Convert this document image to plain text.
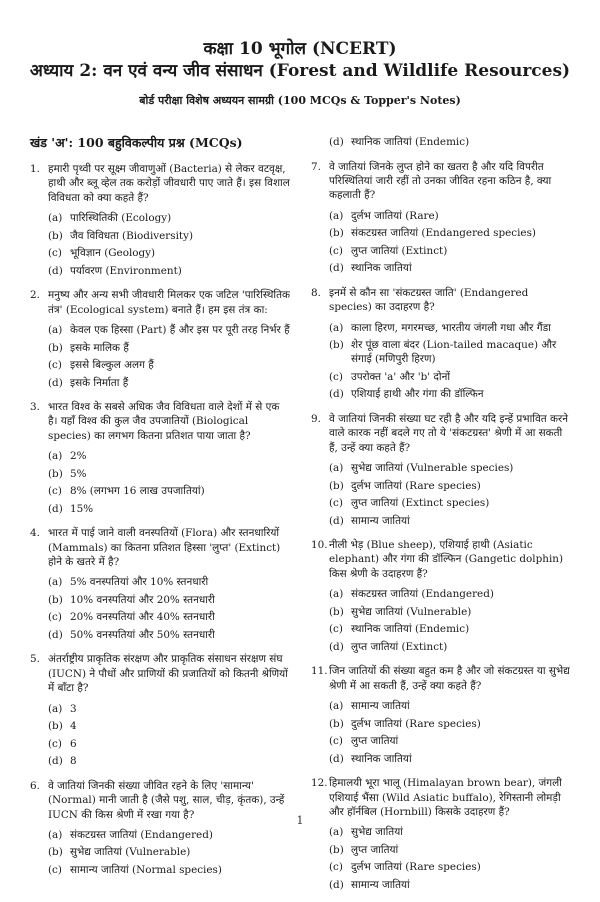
कक्षा 10 भूगोल (NCERT)
अध्याय 2: वन एवं वन्य जीव संसाधन (Forest and Wildlife Resources)
बोर्ड परीक्षा विशेष अध्ययन सामग्री (100 MCQs & Topper's Notes)
खंड 'अ': 100 बहुविकल्पीय प्रश्न (MCQs)
1. हमारी पृथ्वी पर सूक्ष्म जीवाणुओं (Bacteria) से लेकर वटवृक्ष, हाथी और ब्लू व्हेल तक करोड़ों जीवधारी पाए जाते हैं। इस विशाल विविधता को क्या कहते हैं?
(a) पारिस्थितिकी (Ecology)
(b) जैव विविधता (Biodiversity)
(c) भूविज्ञान (Geology)
(d) पर्यावरण (Environment)
2. मनुष्य और अन्य सभी जीवधारी मिलकर एक जटिल 'पारिस्थितिक तंत्र' (Ecological system) बनाते हैं। हम इस तंत्र का:
(a) केवल एक हिस्सा (Part) हैं और इस पर पूरी तरह निर्भर हैं
(b) इसके मालिक हैं
(c) इससे बिल्कुल अलग हैं
(d) इसके निर्माता हैं
3. भारत विश्व के सबसे अधिक जैव विविधता वाले देशों में से एक है। यहाँ विश्व की कुल जैव उपजातियों (Biological species) का लगभग कितना प्रतिशत पाया जाता है?
(a) 2%
(b) 5%
(c) 8% (लगभग 16 लाख उपजातियां)
(d) 15%
4. भारत में पाई जाने वाली वनस्पतियों (Flora) और स्तनधारियों (Mammals) का कितना प्रतिशत हिस्सा 'लुप्त' (Extinct) होने के खतरे में है?
(a) 5% वनस्पतियां और 10% स्तनधारी
(b) 10% वनस्पतियां और 20% स्तनधारी
(c) 20% वनस्पतियां और 40% स्तनधारी
(d) 50% वनस्पतियां और 50% स्तनधारी
5. अंतर्राष्ट्रीय प्राकृतिक संरक्षण और प्राकृतिक संसाधन संरक्षण संघ (IUCN) ने पौधों और प्राणियों की प्रजातियों को कितनी श्रेणियों में बाँटा है?
(a) 3
(b) 4
(c) 6
(d) 8
6. वे जातियां जिनकी संख्या जीवित रहने के लिए 'सामान्य' (Normal) मानी जाती है (जैसे पशु, साल, चीड़, कृंतक), उन्हें IUCN की किस श्रेणी में रखा गया है?
(a) संकटग्रस्त जातियां (Endangered)
(b) सुभेद्य जातियां (Vulnerable)
(c) सामान्य जातियां (Normal species)
(d) स्थानिक जातियां (Endemic)
7. वे जातियां जिनके लुप्त होने का खतरा है और यदि विपरीत परिस्थितियां जारी रहीं तो उनका जीवित रहना कठिन है, क्या कहलाती हैं?
(a) दुर्लभ जातियां (Rare)
(b) संकटग्रस्त जातियां (Endangered species)
(c) लुप्त जातियां (Extinct)
(d) स्थानिक जातियां
8. इनमें से कौन सा 'संकटग्रस्त जाति' (Endangered species) का उदाहरण है?
(a) काला हिरण, मगरमच्छ, भारतीय जंगली गधा और गैंडा
(b) शेर पूंछ वाला बंदर (Lion-tailed macaque) और संगाई (मणिपुरी हिरण)
(c) उपरोक्त 'a' और 'b' दोनों
(d) एशियाई हाथी और गंगा की डॉल्फिन
9. वे जातियां जिनकी संख्या घट रही है और यदि इन्हें प्रभावित करने वाले कारक नहीं बदले गए तो ये 'संकटग्रस्त' श्रेणी में आ सकती हैं, उन्हें क्या कहते हैं?
(a) सुभेद्य जातियां (Vulnerable species)
(b) दुर्लभ जातियां (Rare species)
(c) लुप्त जातियां (Extinct species)
(d) सामान्य जातियां
10. नीली भेड़ (Blue sheep), एशियाई हाथी (Asiatic elephant) और गंगा की डॉल्फिन (Gangetic dolphin) किस श्रेणी के उदाहरण हैं?
(a) संकटग्रस्त जातियां (Endangered)
(b) सुभेद्य जातियां (Vulnerable)
(c) स्थानिक जातियां (Endemic)
(d) लुप्त जातियां (Extinct)
11. जिन जातियों की संख्या बहुत कम है और जो संकटग्रस्त या सुभेद्य श्रेणी में आ सकती हैं, उन्हें क्या कहते हैं?
(a) सामान्य जातियां
(b) दुर्लभ जातियां (Rare species)
(c) लुप्त जातियां
(d) स्थानिक जातियां
12. हिमालयी भूरा भालू (Himalayan brown bear), जंगली एशियाई भैंसा (Wild Asiatic buffalo), रेगिस्तानी लोमड़ी और हॉर्नबिल (Hornbill) किसके उदाहरण हैं?
(a) सुभेद्य जातियां
(b) लुप्त जातियां
(c) दुर्लभ जातियां (Rare species)
(d) सामान्य जातियां
1
